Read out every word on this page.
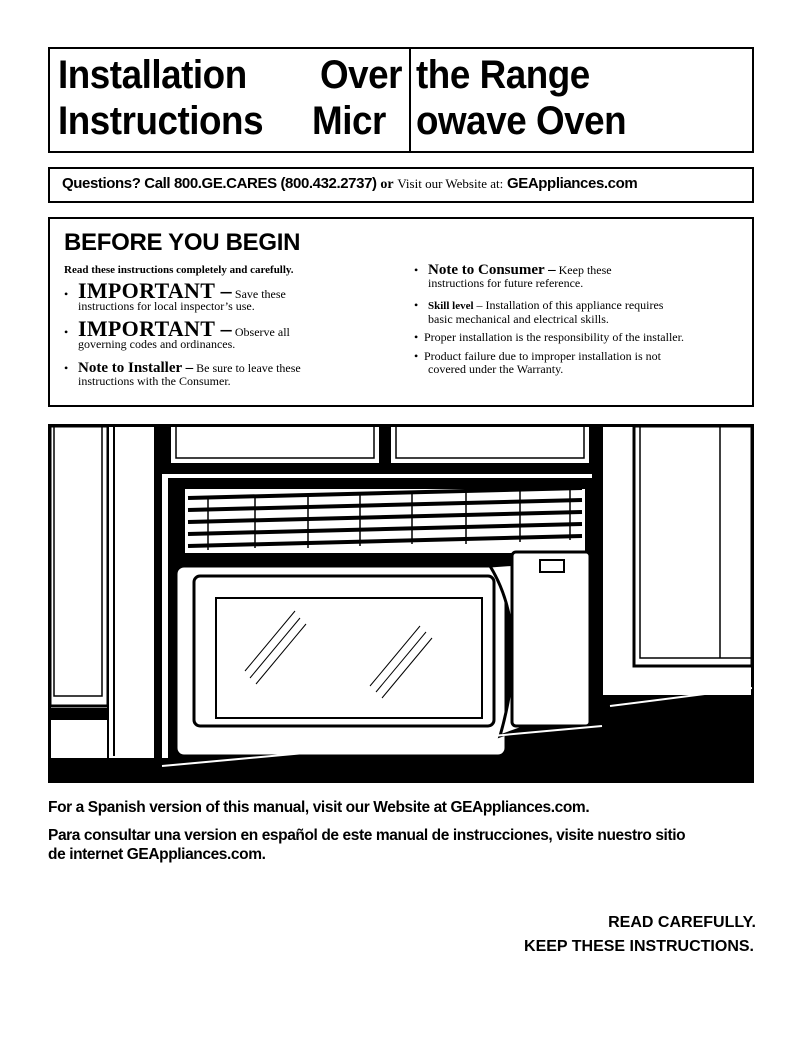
Installation Over the Range
Instructions Micr owave Oven
Questions? Call 800.GE.CARES (800.432.2737) or Visit our Website at: GEAppliances.com
BEFORE YOU BEGIN
Read these instructions completely and carefully.
• IMPORTANT – Save these
instructions for local inspector’s use.
• IMPORTANT – Observe all
governing codes and ordinances.
• Note to Installer – Be sure to leave these
instructions with the Consumer.
• Note to Consumer – Keep these
instructions for future reference.
• Skill level – Installation of this appliance requires
basic mechanical and electrical skills.
• Proper installation is the responsibility of the installer.
• Product failure due to improper installation is not
covered under the Warranty.
For a Spanish version of this manual, visit our Website at GEAppliances.com.
Para consultar una version en español de este manual de instrucciones, visite nuestro sitio
de internet GEAppliances.com.
READ CAREFULLY.
KEEP THESE INSTRUCTIONS.
